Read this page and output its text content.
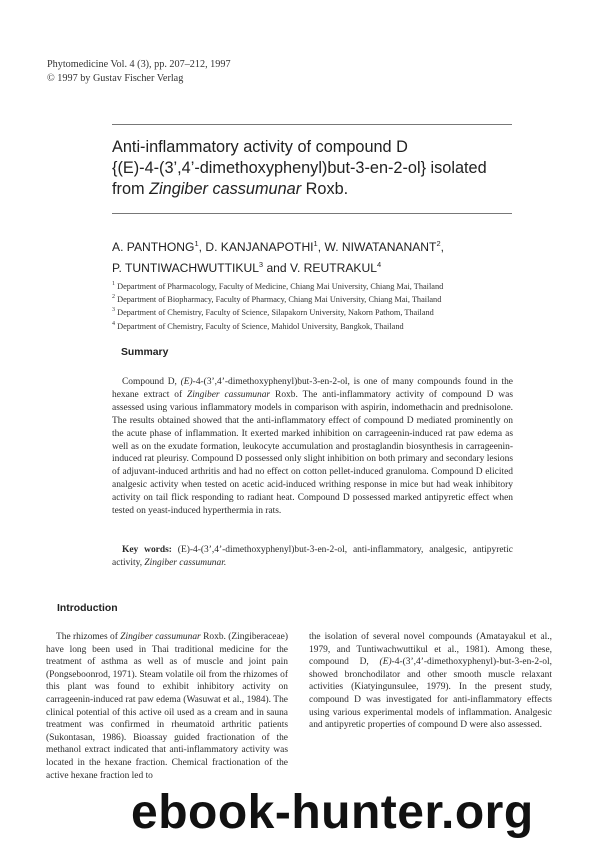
Phytomedicine Vol. 4 (3), pp. 207–212, 1997
© 1997 by Gustav Fischer Verlag
Anti-inflammatory activity of compound D
{(E)-4-(3’,4’-dimethoxyphenyl)but-3-en-2-ol} isolated
from Zingiber cassumunar Roxb.
A. PANTHONG$^1$, D. KANJANAPOTHI$^1$, W. NIWATANANANT$^2$,
P. TUNTIWACHWUTTIKUL$^3$ and V. REUTRAKUL$^4$
$^1$ Department of Pharmacology, Faculty of Medicine, Chiang Mai University, Chiang Mai, Thailand
$^2$ Department of Biopharmacy, Faculty of Pharmacy, Chiang Mai University, Chiang Mai, Thailand
$^3$ Department of Chemistry, Faculty of Science, Silapakorn University, Nakorn Pathom, Thailand
$^4$ Department of Chemistry, Faculty of Science, Mahidol University, Bangkok, Thailand
Summary

Compound D, (E)-4-(3’,4’-dimethoxyphenyl)but-3-en-2-ol, is one of many compounds found in the hexane extract of Zingiber cassumunar Roxb. The anti-inflammatory activity of compound D was assessed using various inflammatory models in comparison with aspirin, indomethacin and prednisolone. The results obtained showed that the anti-inflammatory effect of compound D mediated prominently on the acute phase of inflammation. It exerted marked inhibition on carrageenin-induced rat paw edema as well as on the exudate formation, leukocyte accumulation and prostaglandin biosynthesis in carrageenin-induced rat pleurisy. Compound D possessed only slight inhibition on both primary and secondary lesions of adjuvant-induced arthritis and had no effect on cotton pellet-induced granuloma. Compound D elicited analgesic activity when tested on acetic acid-induced writhing response in mice but had weak inhibitory activity on tail flick responding to radiant heat. Compound D possessed marked antipyretic effect when tested on yeast-induced hyperthermia in rats.

Key words: (E)-4-(3’,4’-dimethoxyphenyl)but-3-en-2-ol, anti-inflammatory, analgesic, antipyretic activity, Zingiber cassumunar.
Introduction

The rhizomes of Zingiber cassumunar Roxb. (Zingiberaceae) have long been used in Thai traditional medicine for the treatment of asthma as well as of muscle and joint pain (Pongseboonrod, 1971). Steam volatile oil from the rhizomes of this plant was found to exhibit inhibitory activity on carrageenin-induced rat paw edema (Wasuwat et al., 1984). The clinical potential of this active oil used as a cream and in sauna treatment was confirmed in rheumatoid arthritic patients (Sukontasan, 1986). Bioassay guided fractionation of the methanol extract indicated that anti-inflammatory activity was located in the hexane fraction. Chemical fractionation of the active hexane fraction led to

the isolation of several novel compounds (Amatayakul et al., 1979, and Tuntiwachwuttikul et al., 1981). Among these, compound D, (E)-4-(3’,4’-dimethoxyphenyl)-but-3-en-2-ol, showed bronchodilator and other smooth muscle relaxant activities (Kiatyingunsulee, 1979). In the present study, compound D was investigated for anti-inflammatory effects using various experimental models of inflammation. Analgesic and antipyretic properties of compound D were also assessed.

ebook-hunter.org
